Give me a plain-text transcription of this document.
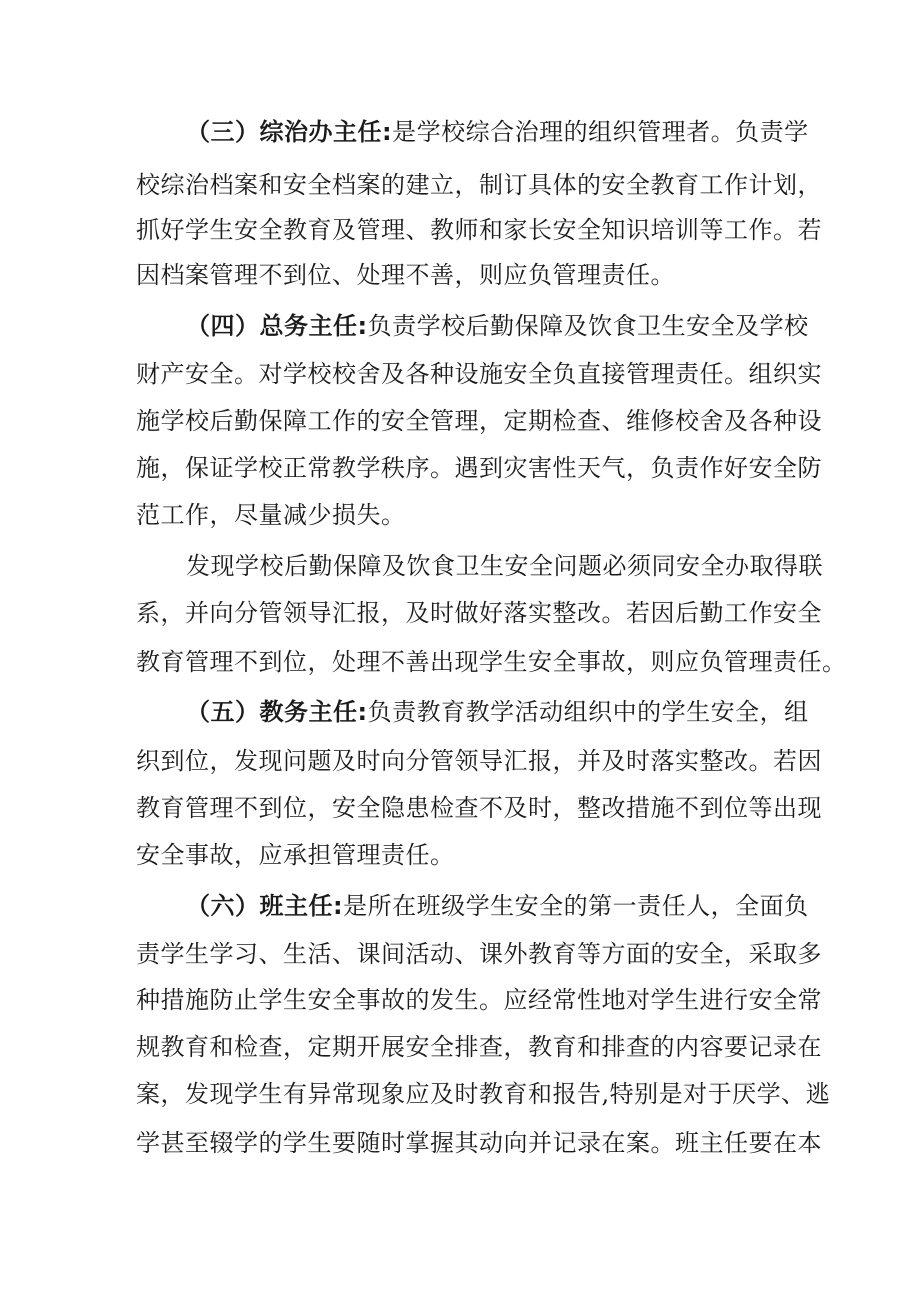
（三）综治办主任:是学校综合治理的组织管理者。负责学
校综治档案和安全档案的建立，制订具体的安全教育工作计划，
抓好学生安全教育及管理、教师和家长安全知识培训等工作。若
因档案管理不到位、处理不善，则应负管理责任。
（四）总务主任:负责学校后勤保障及饮食卫生安全及学校
财产安全。对学校校舍及各种设施安全负直接管理责任。组织实
施学校后勤保障工作的安全管理，定期检查、维修校舍及各种设
施，保证学校正常教学秩序。遇到灾害性天气，负责作好安全防
范工作，尽量减少损失。
发现学校后勤保障及饮食卫生安全问题必须同安全办取得联
系，并向分管领导汇报，及时做好落实整改。若因后勤工作安全
教育管理不到位，处理不善出现学生安全事故，则应负管理责任。
（五）教务主任:负责教育教学活动组织中的学生安全，组
织到位，发现问题及时向分管领导汇报，并及时落实整改。若因
教育管理不到位，安全隐患检查不及时，整改措施不到位等出现
安全事故，应承担管理责任。
（六）班主任:是所在班级学生安全的第一责任人，全面负
责学生学习、生活、课间活动、课外教育等方面的安全，采取多
种措施防止学生安全事故的发生。应经常性地对学生进行安全常
规教育和检查，定期开展安全排查，教育和排查的内容要记录在
案，发现学生有异常现象应及时教育和报告,特别是对于厌学、逃
学甚至辍学的学生要随时掌握其动向并记录在案。班主任要在本
